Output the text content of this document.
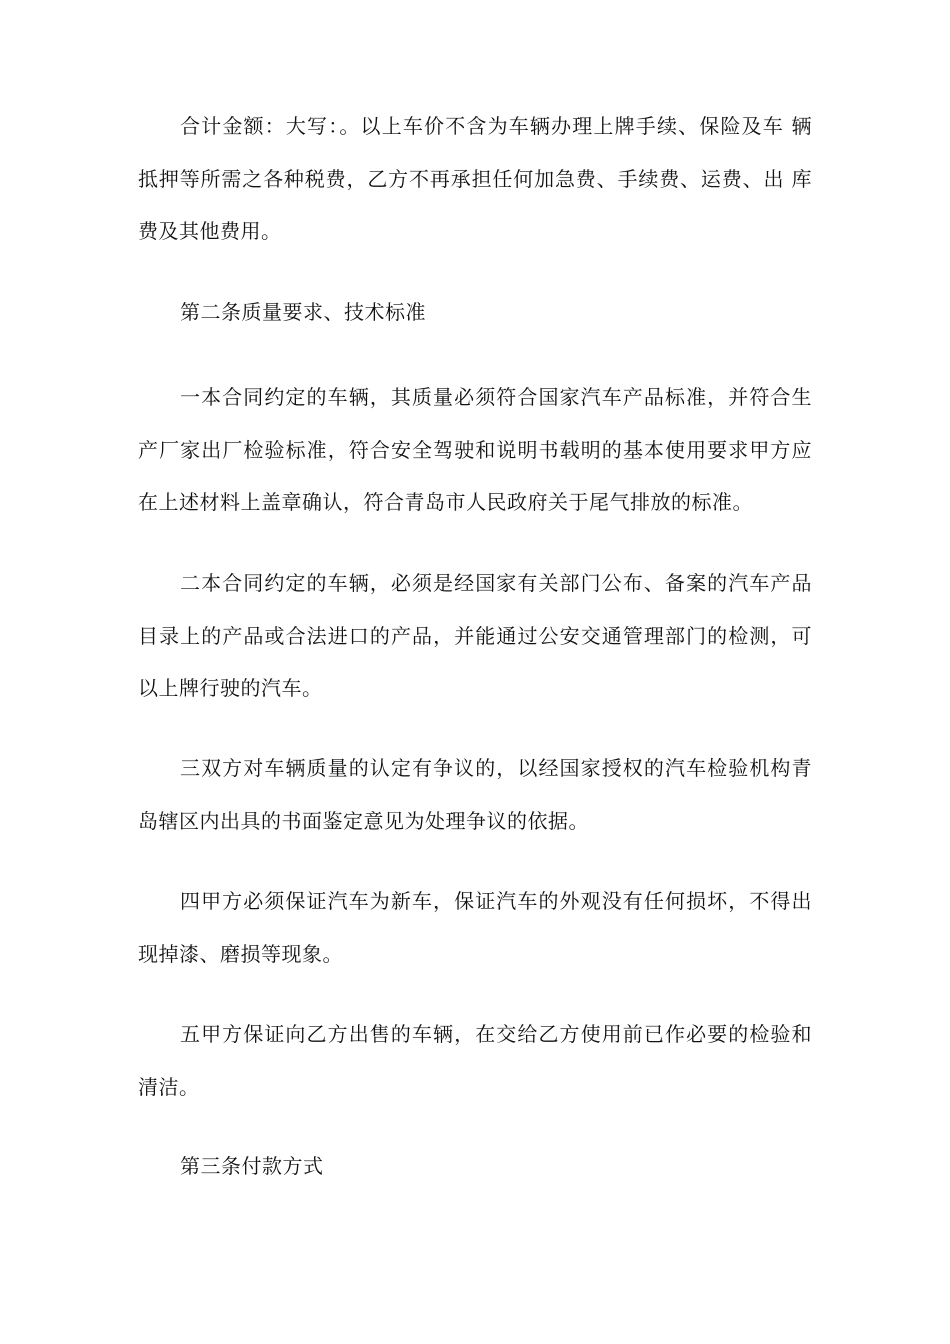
合计金额：大写：。以上车价不含为车辆办理上牌手续、保险及车 辆抵押等所需之各种税费，乙方不再承担任何加急费、手续费、运费、出 库费及其他费用。

第二条质量要求、技术标准

一本合同约定的车辆，其质量必须符合国家汽车产品标准，并符合生产厂家出厂检验标准，符合安全驾驶和说明书载明的基本使用要求甲方应在上述材料上盖章确认，符合青岛市人民政府关于尾气排放的标准。

二本合同约定的车辆，必须是经国家有关部门公布、备案的汽车产品目录上的产品或合法进口的产品，并能通过公安交通管理部门的检测，可以上牌行驶的汽车。

三双方对车辆质量的认定有争议的，以经国家授权的汽车检验机构青岛辖区内出具的书面鉴定意见为处理争议的依据。

四甲方必须保证汽车为新车，保证汽车的外观没有任何损坏，不得出现掉漆、磨损等现象。

五甲方保证向乙方出售的车辆，在交给乙方使用前已作必要的检验和清洁。

第三条付款方式
